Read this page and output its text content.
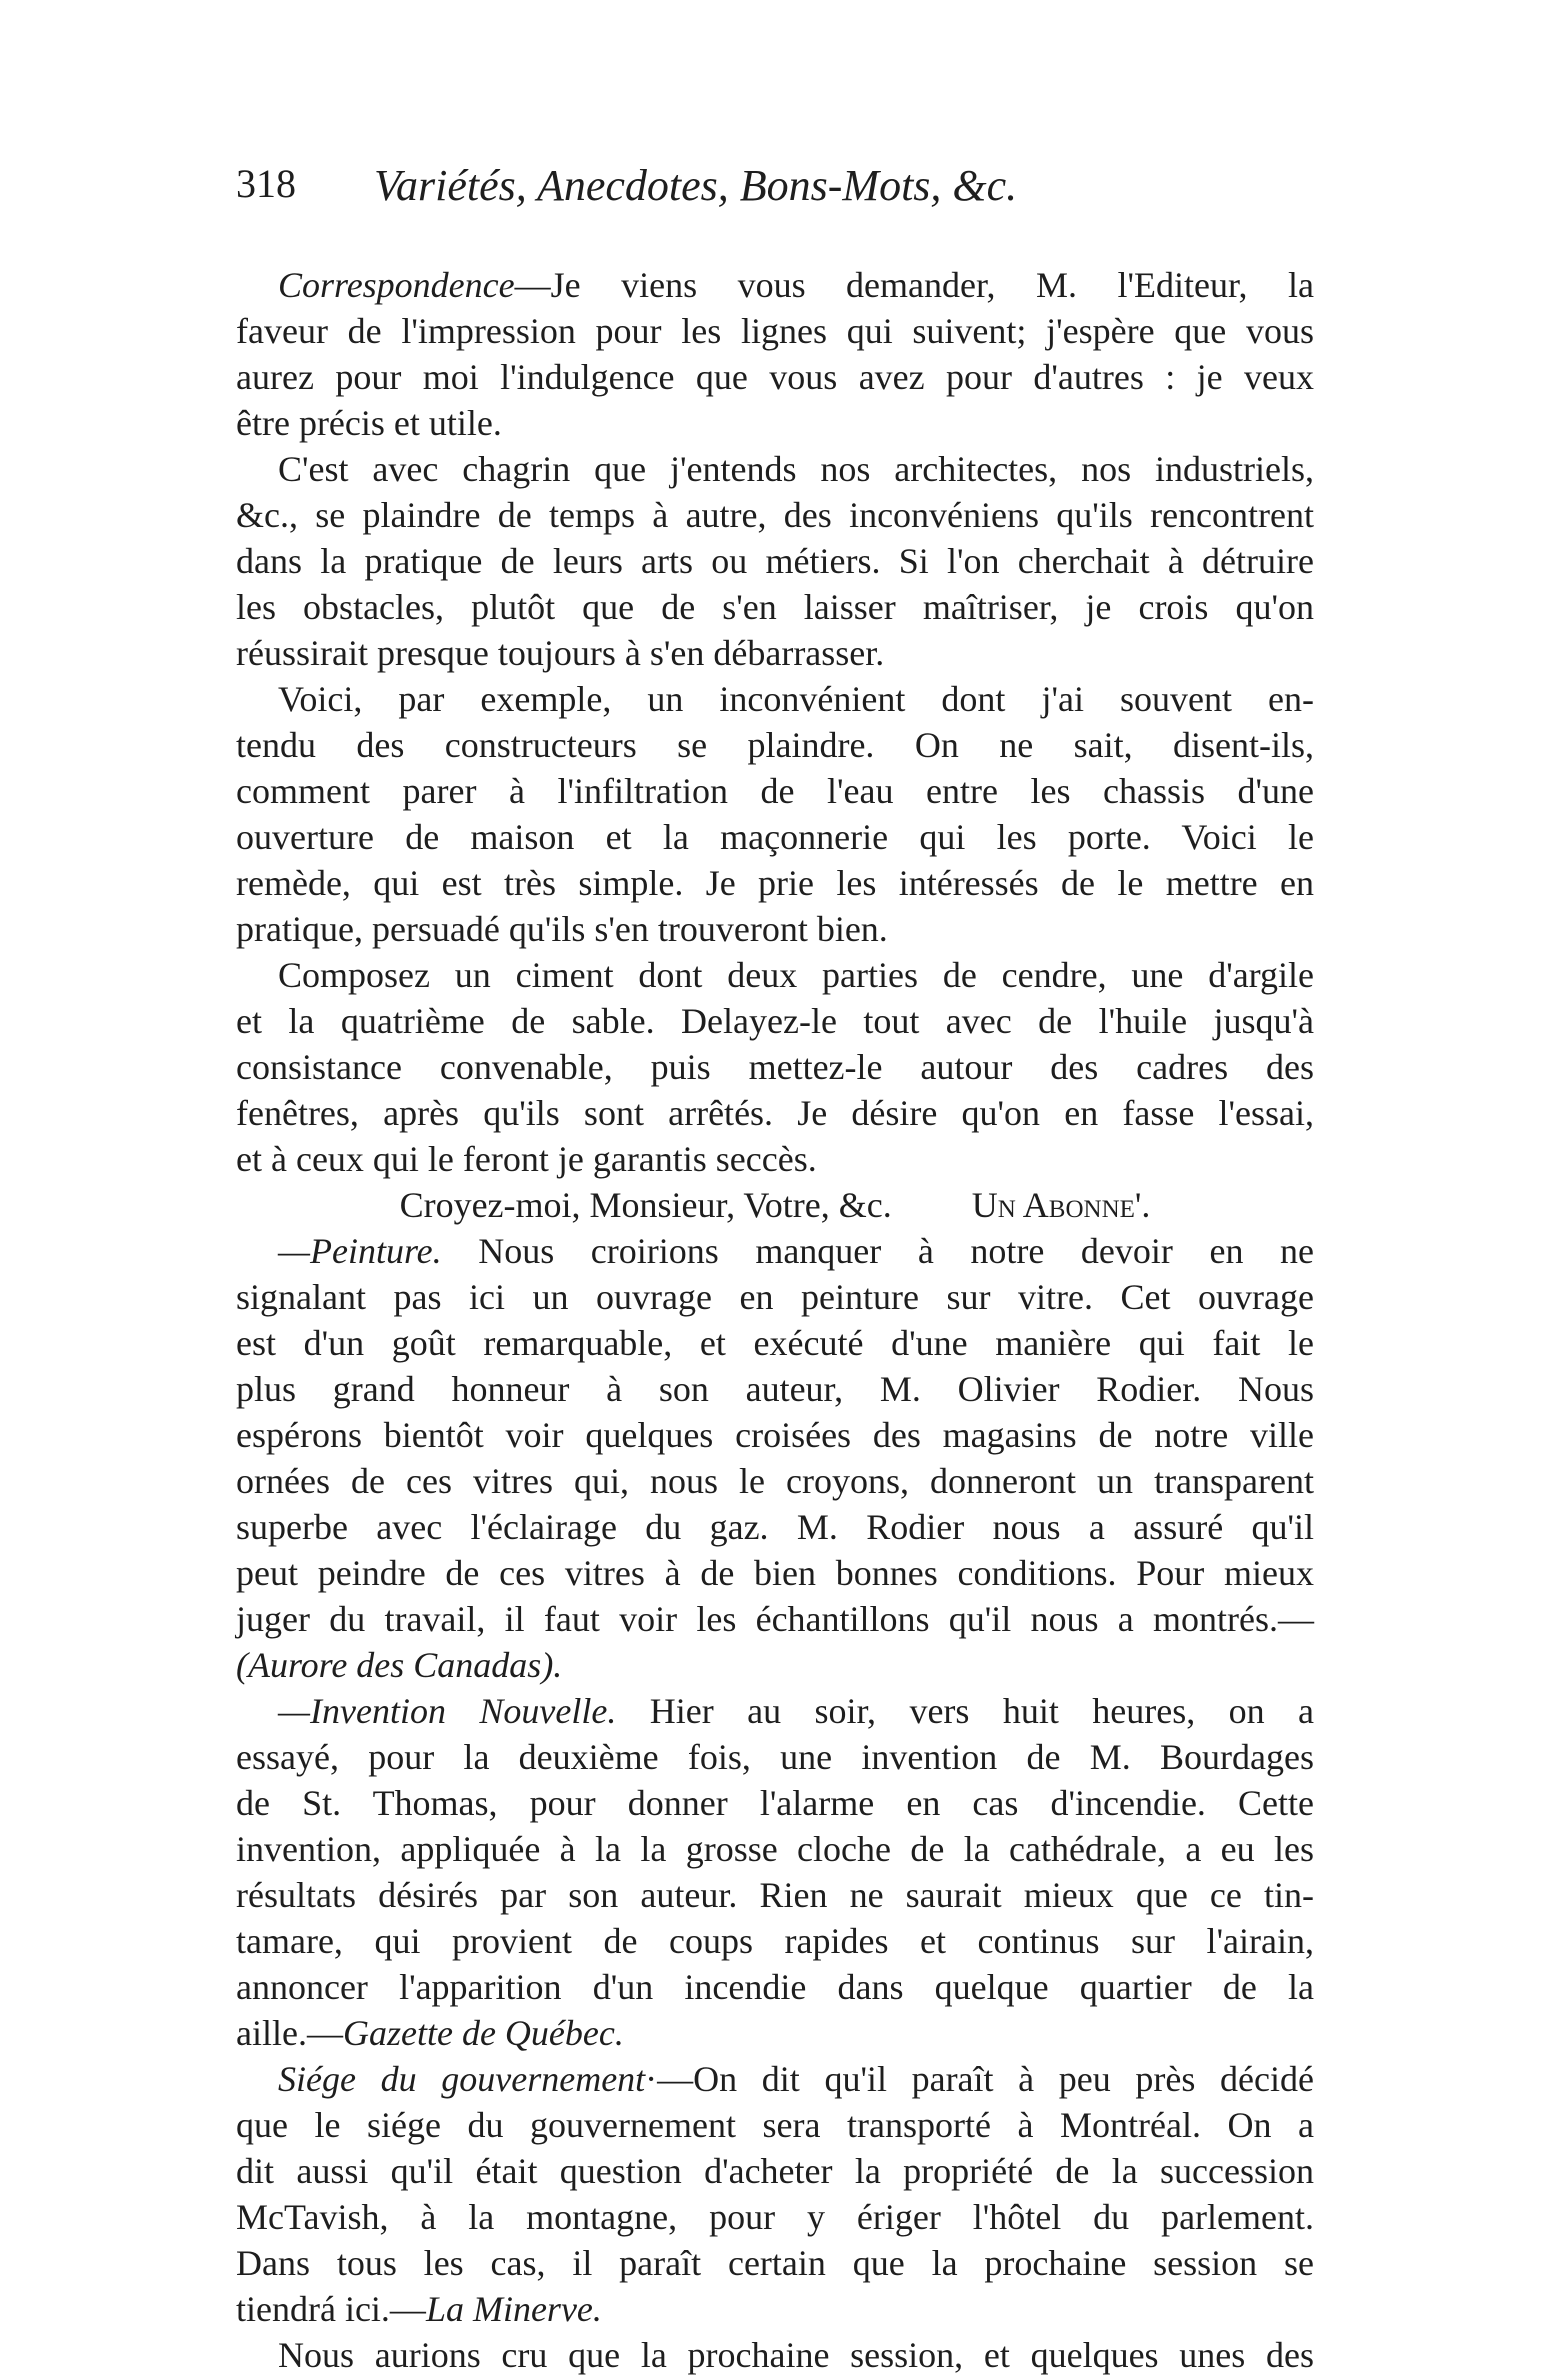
318 Variétés, Anecdotes, Bons-Mots, &c.
Correspondence—Je viens vous demander, M. l'Editeur, la
faveur de l'impression pour les lignes qui suivent; j'espère que vous
aurez pour moi l'indulgence que vous avez pour d'autres : je veux
être précis et utile.
C'est avec chagrin que j'entends nos architectes, nos industriels,
&c., se plaindre de temps à autre, des inconvéniens qu'ils rencontrent
dans la pratique de leurs arts ou métiers. Si l'on cherchait à détruire
les obstacles, plutôt que de s'en laisser maîtriser, je crois qu'on
réussirait presque toujours à s'en débarrasser.
Voici, par exemple, un inconvénient dont j'ai souvent en-
tendu des constructeurs se plaindre. On ne sait, disent-ils,
comment parer à l'infiltration de l'eau entre les chassis d'une
ouverture de maison et la maçonnerie qui les porte. Voici le
remède, qui est très simple. Je prie les intéressés de le mettre en
pratique, persuadé qu'ils s'en trouveront bien.
Composez un ciment dont deux parties de cendre, une d'argile
et la quatrième de sable. Delayez-le tout avec de l'huile jusqu'à
consistance convenable, puis mettez-le autour des cadres des
fenêtres, après qu'ils sont arrêtés. Je désire qu'on en fasse l'essai,
et à ceux qui le feront je garantis seccès.
Croyez-moi, Monsieur, Votre, &c. Un Abonne'.
—Peinture. Nous croirions manquer à notre devoir en ne
signalant pas ici un ouvrage en peinture sur vitre. Cet ouvrage
est d'un goût remarquable, et exécuté d'une manière qui fait le
plus grand honneur à son auteur, M. Olivier Rodier. Nous
espérons bientôt voir quelques croisées des magasins de notre ville
ornées de ces vitres qui, nous le croyons, donneront un transparent
superbe avec l'éclairage du gaz. M. Rodier nous a assuré qu'il
peut peindre de ces vitres à de bien bonnes conditions. Pour mieux
juger du travail, il faut voir les échantillons qu'il nous a montrés.—
(Aurore des Canadas).
—Invention Nouvelle. Hier au soir, vers huit heures, on a
essayé, pour la deuxième fois, une invention de M. Bourdages
de St. Thomas, pour donner l'alarme en cas d'incendie. Cette
invention, appliquée à la la grosse cloche de la cathédrale, a eu les
résultats désirés par son auteur. Rien ne saurait mieux que ce tin-
tamare, qui provient de coups rapides et continus sur l'airain,
annoncer l'apparition d'un incendie dans quelque quartier de la
aille.—Gazette de Québec.
Siége du gouvernement·—On dit qu'il paraît à peu près décidé
que le siége du gouvernement sera transporté à Montréal. On a
dit aussi qu'il était question d'acheter la propriété de la succession
McTavish, à la montagne, pour y ériger l'hôtel du parlement.
Dans tous les cas, il paraît certain que la prochaine session se
tiendrá ici.—La Minerve.
Nous aurions cru que la prochaine session, et quelques unes des
